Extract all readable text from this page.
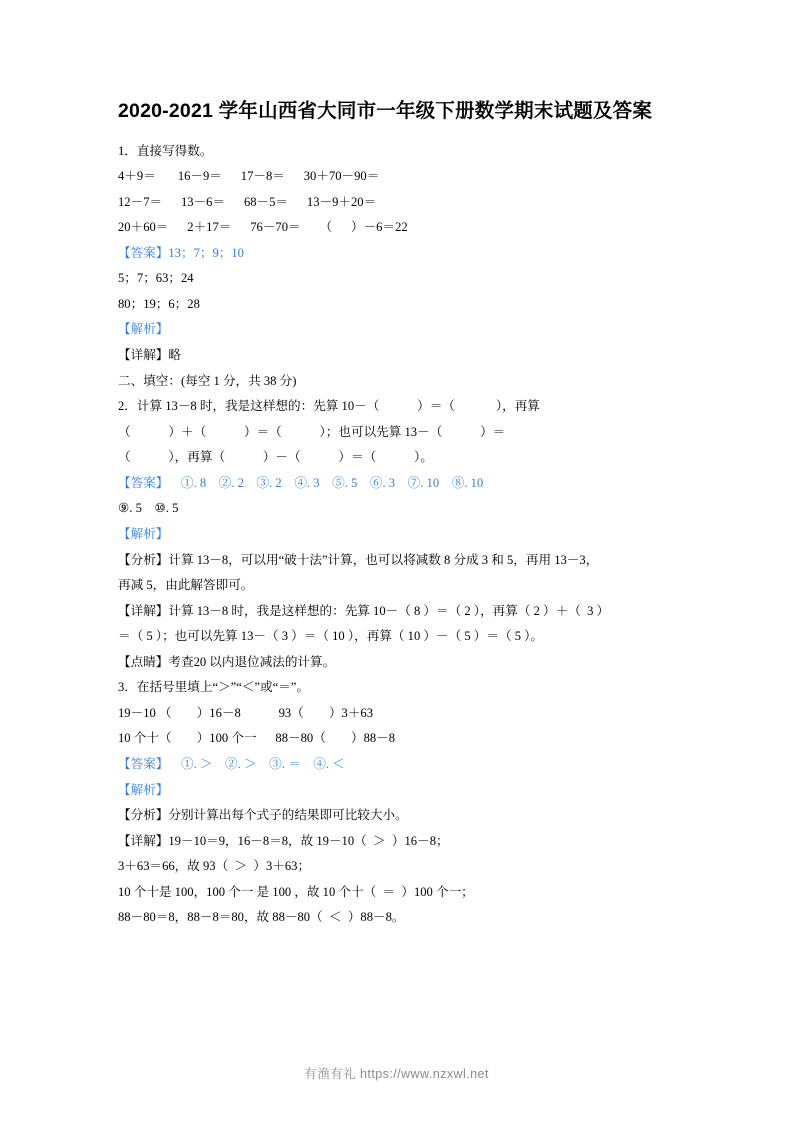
2020-2021 学年山西省大同市一年级下册数学期末试题及答案

1．直接写得数。

4＋9＝       16－9＝      17－8＝      30＋70－90＝

12－7＝      13－6＝      68－5＝      13－9＋20＝

20＋60＝      2＋17＝      76－70＝      （      ）－6＝22

【答案】13；7；9；10

5；7；63；24

80；19；6；28

【解析】

【详解】略

二、填空：(每空 1 分，共 38 分)

2．计算 13－8 时，我是这样想的：先算 10－（            ）＝（             ），再算

（            ）＋（            ）＝（            ）；也可以先算 13－（            ）＝

（            ），再算（            ）－（            ）＝（            ）。

【答案】    ①. 8    ②. 2    ③. 2    ④. 3    ⑤. 5    ⑥. 3    ⑦. 10    ⑧. 10

⑨. 5    ⑩. 5

【解析】

【分析】计算 13－8，可以用“破十法”计算，也可以将减数 8 分成 3 和 5，再用 13－3，

再减 5，由此解答即可。

【详解】计算 13－8 时，我是这样想的：先算 10－（ 8 ）＝（ 2 ），再算（ 2 ）＋（  3 ）

＝（ 5 ）；也可以先算 13－（ 3 ）＝（ 10 ），再算（ 10 ）－（ 5 ）＝（ 5 ）。

【点睛】考查20 以内退位减法的计算。

3．在括号里填上“＞”“＜”或“＝”。

19－10 （        ）16－8            93（        ）3＋63

10 个十（        ）100 个一      88－80（        ）88－8

【答案】    ①. ＞    ②. ＞    ③. ＝    ④. ＜

【解析】

【分析】分别计算出每个式子的结果即可比较大小。

【详解】19－10＝9，16－8＝8，故 19－10（  ＞  ）16－8；

3＋63＝66，故 93（  ＞  ）3＋63；

10 个十是 100，100 个一 是 100 ，故 10 个十（  ＝  ）100 个一；

88－80＝8，88－8＝80，故 88－80（  ＜  ）88－8。

有渔有礼 https://www.nzxwl.net
